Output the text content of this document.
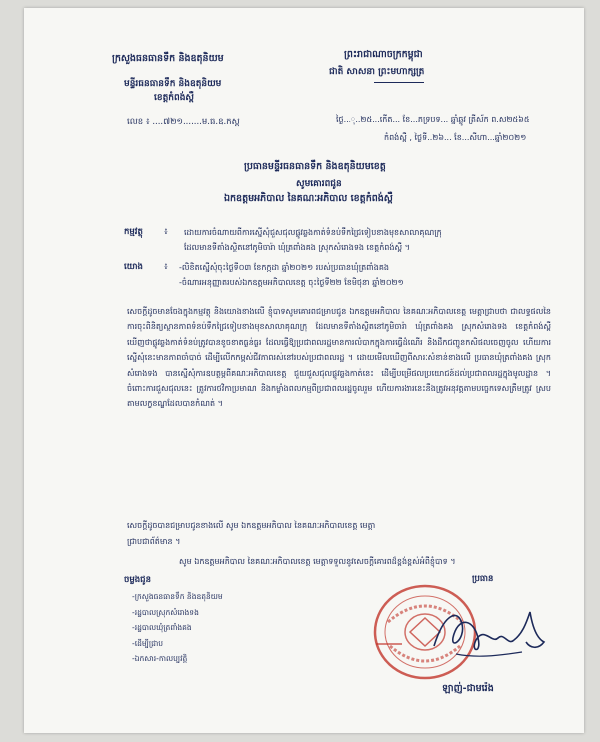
ក្រសួងធនធានទឹក និងឧតុនិយម
មន្ទីរធនធានទឹក និងឧតុនិយម
ខេត្តកំពង់ស្ពឺ
លេខ ៖ ....៧២១.......ម.ធ.ឧ.កស្ព
ព្រះរាជាណាចក្រកម្ពុជា
ជាតិ សាសនា ព្រះមហាក្សត្រ
ថ្ងៃ...ុ..២៥...កើត... ខែ...ភទ្របទ... ឆ្នាំឆ្លូវ ត្រីស័ក ព.ស២៥៦៥
កំពង់ស្ពឺ , ថ្ងៃទី..២៦... ខែ...សីហា...ឆ្នាំ២០២១
ប្រធានមន្ទីរធនធានទឹក និងឧតុនិយមខេត្ត
សូមគោរពជូន
ឯកឧត្តមអភិបាល នៃគណៈអភិបាល ខេត្តកំពង់ស្ពឺ
កម្មវត្ថុ ៖ ដោយការចំណាយពីការស្នើសុំជួសជុលផ្លូវឆ្លងកាត់ទំនប់ទឹកជ្រៃទៀបខាងមុខសាលាគុណក្រុ
ដែលមានទីតាំងស្ថិតនៅភូមិចារ៉ា ឃុំត្រពាំងគង ស្រុកសំរោងទង ខេត្តកំពង់ស្ពឺ ។
យោង ៖ -លិខិតស្នើសុំចុះថ្ងៃទី០៣ ខែកក្កដា ឆ្នាំ២០២១ របស់ប្រធានឃុំត្រពាំងគង
-ចំណារអនុញ្ញាតរបស់ឯកឧត្តមអភិបាលខេត្ត ចុះថ្ងៃទី២២ ខែមិថុនា ឆ្នាំ២០២១
សេចក្តីដូចមានចែងក្នុងកម្មវត្ថុ និងយោងខាងលើ ខ្ញុំបាទសូមគោរពជម្រាបជូន ឯកឧត្តមអភិបាល នៃគណៈអភិបាលខេត្ត មេត្តាជ្រាបថា ជាលទ្ធផលនៃការចុះពិនិត្យស្ថានភាពទំនប់ទឹកជ្រៃទៀបខាងមុខសាលាគុណក្រុ ដែលមានទីតាំងស្ថិតនៅភូមិចារ៉ា ឃុំត្រពាំងគង ស្រុកសំរោងទង ខេត្តកំពង់ស្ពឺ ឃើញថាផ្លូវឆ្លងកាត់ទំនប់ត្រូវបានខូចខាតធ្ងន់ធ្ងរ ដែលធ្វើឱ្យប្រជាពលរដ្ឋមានការលំបាកក្នុងការធ្វើដំណើរ និងដឹកជញ្ជូនកសិផលចេញចូល ហើយការស្នើសុំនេះមានភាពចាំបាច់ ដើម្បីលើកកម្ពស់ជីវភាពរស់នៅរបស់ប្រជាពលរដ្ឋ ។ ដោយមើលឃើញពីសារៈសំខាន់ខាងលើ ប្រធានឃុំត្រពាំងគង ស្រុកសំរោងទង បានស្នើសុំការឧបត្ថម្ភពីគណៈអភិបាលខេត្ត ជួយជួសជុលផ្លូវឆ្លងកាត់នេះ ដើម្បីបម្រើផលប្រយោជន៍ដល់ប្រជាពលរដ្ឋក្នុងមូលដ្ឋាន ។ ចំពោះការជួសជុលនេះ ត្រូវការថវិកាប្រមាណ និងកម្លាំងពលកម្មពីប្រជាពលរដ្ឋចូលរួម ហើយការងារនេះនឹងត្រូវអនុវត្តតាមបច្ចេកទេសត្រឹមត្រូវ ស្របតាមលក្ខខណ្ឌដែលបានកំណត់ ។
សេចក្តីដូចបានជម្រាបជូនខាងលើ សូម ឯកឧត្តមអភិបាល នៃគណៈអភិបាលខេត្ត មេត្តា
ជ្រាបជាព័ត៌មាន ។
សូម ឯកឧត្តមអភិបាល នៃគណៈអភិបាលខេត្ត មេត្តាទទួលនូវសេចក្តីគោរពដ៏ខ្ពង់ខ្ពស់អំពីខ្ញុំបាទ ។
ចម្លងជូន
-ក្រសួងធនធានទឹក និងឧតុនិយម
-រដ្ឋបាលស្រុកសំរោងទង
-រដ្ឋបាលឃុំត្រពាំងគង
-ដើម្បីជ្រាប
-ឯកសារ-កាលប្បវត្តិ
ប្រធាន
ឡាញ់-ជាមរ៉េង
